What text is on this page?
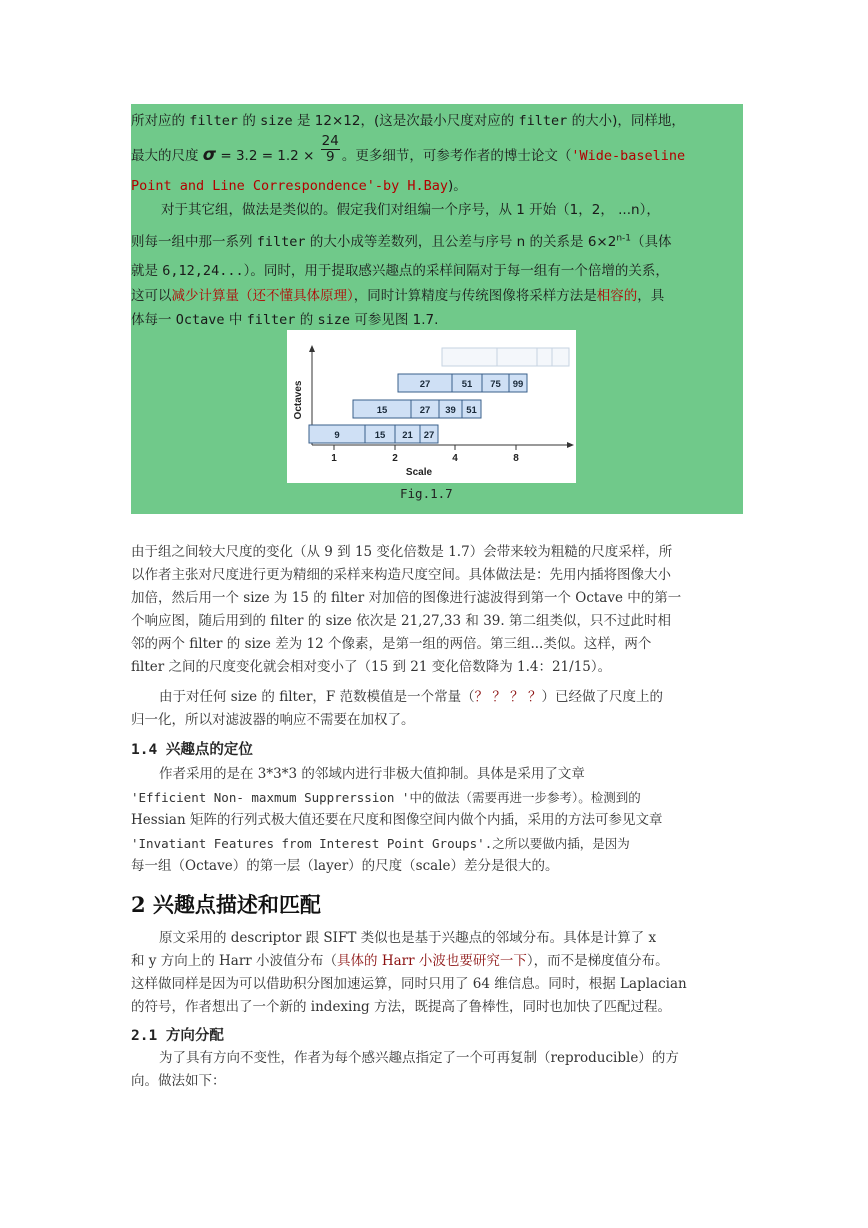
所对应的 filter 的 size 是 12×12，(这是次最小尺度对应的 filter 的大小)，同样地，
最大的尺度 $\sigma = 3.2 = 1.2 \times \frac{24}{9}$ 。更多细节，可参考作者的博士论文（'Wide-baseline
Point and Line Correspondence'-by H.Bay)。
对于其它组，做法是类似的。假定我们对组编一个序号，从 1 开始（1，2， ...n），
则每一组中那一系列 filter 的大小成等差数列，且公差与序号 n 的关系是 $6\times 2^{n-1}$（具体
就是 6,12,24...）。同时，用于提取感兴趣点的采样间隔对于每一组有一个倍增的关系，
这可以减少计算量（还不懂具体原理），同时计算精度与传统图像将采样方法是相容的，具
体每一 Octave 中 filter 的 size 可参见图 1.7.
Octaves
Scale
1	2	4	8
9	15 21 27
15	27 39 51
27	51 75 99
Fig.1.7
由于组之间较大尺度的变化（从 9 到 15 变化倍数是 1.7）会带来较为粗糙的尺度采样，所
以作者主张对尺度进行更为精细的采样来构造尺度空间。具体做法是：先用内插将图像大小
加倍，然后用一个 size 为 15 的 filter 对加倍的图像进行滤波得到第一个 Octave 中的第一
个响应图，随后用到的 filter 的 size 依次是 21,27,33 和 39. 第二组类似，只不过此时相
邻的两个 filter 的 size 差为 12 个像素，是第一组的两倍。第三组...类似。这样，两个
filter 之间的尺度变化就会相对变小了（15 到 21 变化倍数降为 1.4：21/15）。
由于对任何 size 的 filter，F 范数模值是一个常量（？ ？ ？ ？）已经做了尺度上的
归一化，所以对滤波器的响应不需要在加权了。
1.4 兴趣点的定位
作者采用的是在 3*3*3 的邻域内进行非极大值抑制。具体是采用了文章
'Efficient Non- maxmum Supprerssion '中的做法（需要再进一步参考）。检测到的
Hessian 矩阵的行列式极大值还要在尺度和图像空间内做个内插，采用的方法可参见文章
'Invatiant Features from Interest Point Groups'.之所以要做内插，是因为
每一组（Octave）的第一层（layer）的尺度（scale）差分是很大的。
2 兴趣点描述和匹配
原文采用的 descriptor 跟 SIFT 类似也是基于兴趣点的邻域分布。具体是计算了 x
和 y 方向上的 Harr 小波值分布（具体的 Harr 小波也要研究一下），而不是梯度值分布。
这样做同样是因为可以借助积分图加速运算，同时只用了 64 维信息。同时，根据 Laplacian
的符号，作者想出了一个新的 indexing 方法，既提高了鲁棒性，同时也加快了匹配过程。
2.1 方向分配
为了具有方向不变性，作者为每个感兴趣点指定了一个可再复制（reproducible）的方
向。做法如下：
